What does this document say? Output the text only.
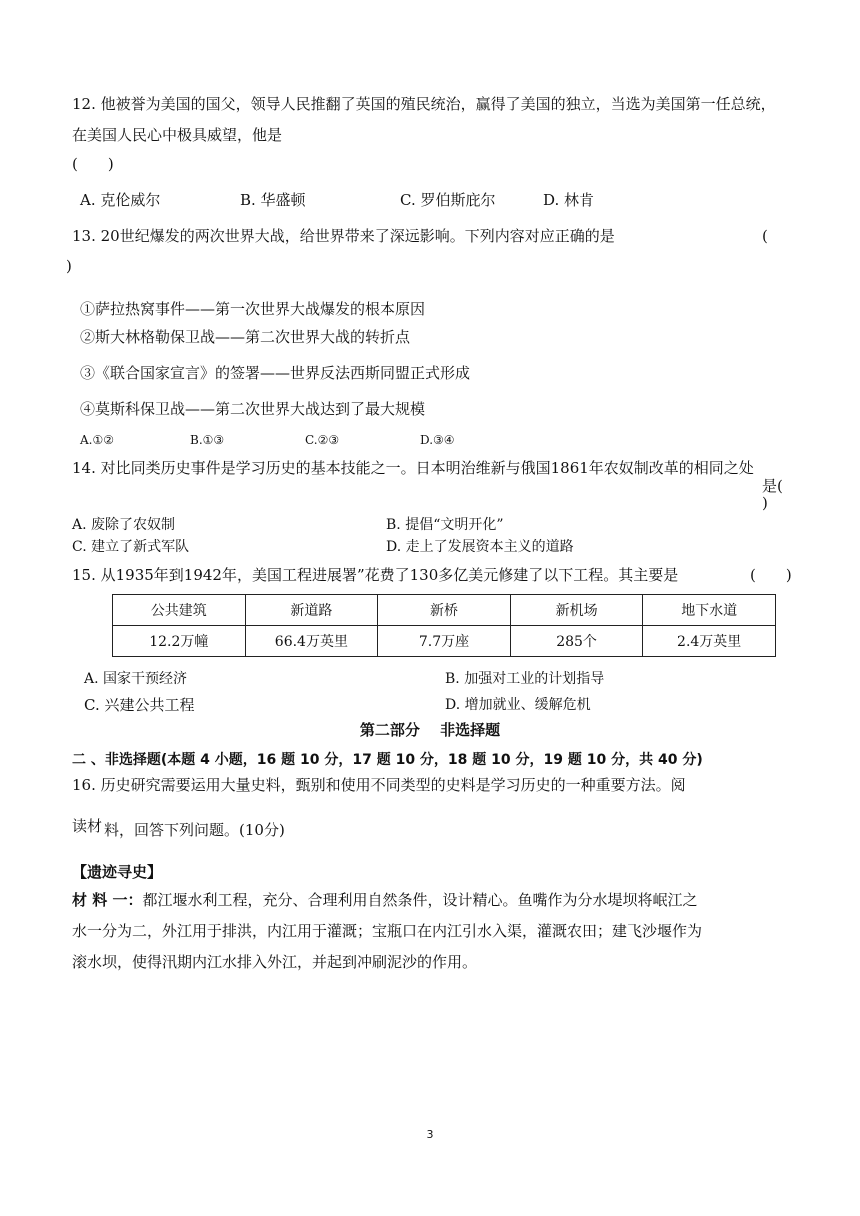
12. 他被誉为美国的国父，领导人民推翻了英国的殖民统治，赢得了美国的独立，当选为美国第一任总统，
在美国人民心中极具威望，他是
(　　)
A. 克伦威尔	B. 华盛顿	C. 罗伯斯庇尔	D. 林肯
13. 20世纪爆发的两次世界大战，给世界带来了深远影响。下列内容对应正确的是	(
)
①萨拉热窝事件——第一次世界大战爆发的根本原因
②斯大林格勒保卫战——第二次世界大战的转折点
③《联合国家宣言》的签署——世界反法西斯同盟正式形成
④莫斯科保卫战——第二次世界大战达到了最大规模
A.①②	B.①③	C.②③	D.③④
14. 对比同类历史事件是学习历史的基本技能之一。日本明治维新与俄国1861年农奴制改革的相同之处
是(
)
A. 废除了农奴制	B. 提倡“文明开化”
C. 建立了新式军队	D. 走上了发展资本主义的道路
15. 从1935年到1942年，美国工程进展署”花费了130多亿美元修建了以下工程。其主要是	(　　)
公共建筑	新道路	新桥	新机场	地下水道
12.2万幢	66.4万英里	7.7万座	285个	2.4万英里
A. 国家干预经济	B. 加强对工业的计划指导
C. 兴建公共工程	D. 增加就业、缓解危机
第二部分　 非选择题
二 、非选择题(本题 4 小题，16 题 10 分，17 题 10 分，18 题 10 分，19 题 10 分，共 40 分)
16. 历史研究需要运用大量史料，甄别和使用不同类型的史料是学习历史的一种重要方法。阅
读材 料，回答下列问题。(10分)
【遗迹寻史】
材 料 一：都江堰水利工程，充分、合理利用自然条件，设计精心。鱼嘴作为分水堤坝将岷江之
水一分为二，外江用于排洪，内江用于灌溉；宝瓶口在内江引水入渠，灌溉农田；建飞沙堰作为
滚水坝，使得汛期内江水排入外江，并起到冲刷泥沙的作用。
3
